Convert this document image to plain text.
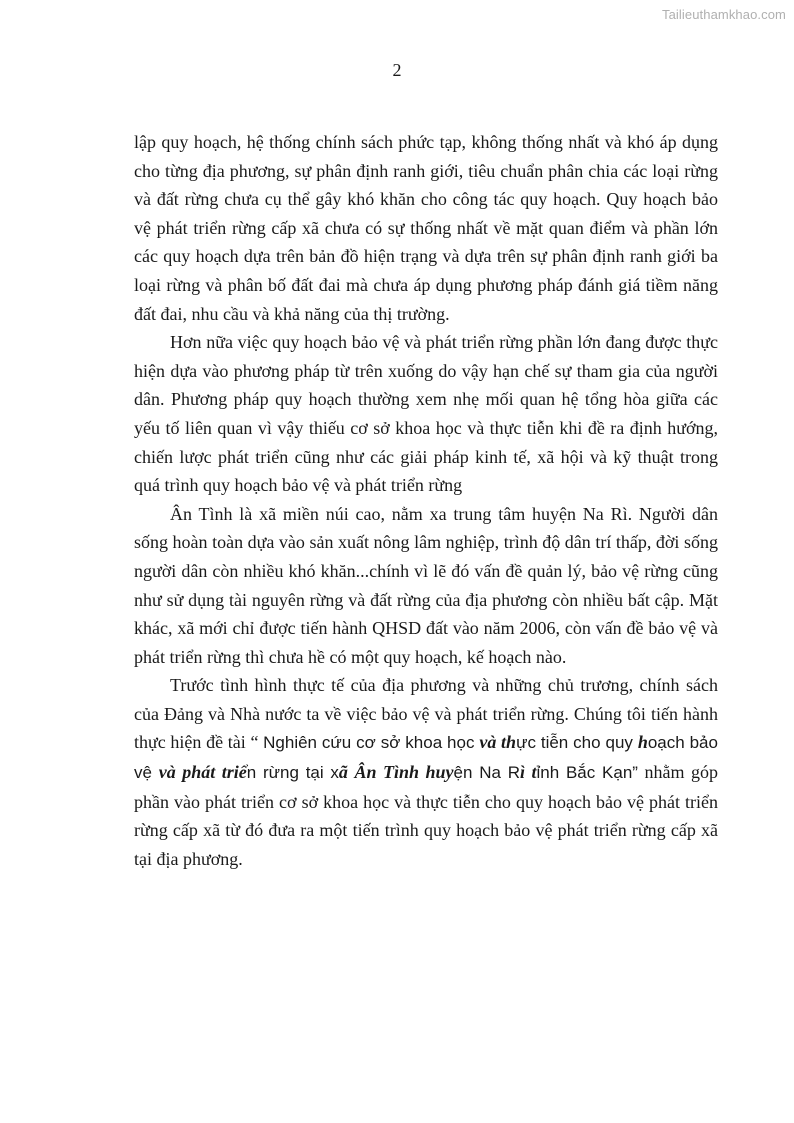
Tailieuthamkhao.com
2

lập quy hoạch, hệ thống chính sách phức tạp, không thống nhất và khó áp dụng cho từng địa phương, sự phân định ranh giới, tiêu chuẩn phân chia các loại rừng và đất rừng chưa cụ thể gây khó khăn cho công tác quy hoạch. Quy hoạch bảo vệ phát triển rừng cấp xã chưa có sự thống nhất về mặt quan điểm và phần lớn các quy hoạch dựa trên bản đồ hiện trạng và dựa trên sự phân định ranh giới ba loại rừng và phân bố đất đai mà chưa áp dụng phương pháp đánh giá tiềm năng đất đai, nhu cầu và khả năng của thị trường.

Hơn nữa việc quy hoạch bảo vệ và phát triển rừng phần lớn đang được thực hiện dựa vào phương pháp từ trên xuống do vậy hạn chế sự tham gia của người dân. Phương pháp quy hoạch thường xem nhẹ mối quan hệ tổng hòa giữa các yếu tố liên quan vì vậy thiếu cơ sở khoa học và thực tiễn khi đề ra định hướng, chiến lược phát triển cũng như các giải pháp kinh tế, xã hội và kỹ thuật trong quá trình quy hoạch bảo vệ và phát triển rừng

Ân Tình là xã miền núi cao, nằm xa trung tâm huyện Na Rì. Người dân sống hoàn toàn dựa vào sản xuất nông lâm nghiệp, trình độ dân trí thấp, đời sống người dân còn nhiều khó khăn...chính vì lẽ đó vấn đề quản lý, bảo vệ rừng cũng như sử dụng tài nguyên rừng và đất rừng của địa phương còn nhiều bất cập. Mặt khác, xã mới chỉ được tiến hành QHSD đất vào năm 2006, còn vấn đề bảo vệ và phát triển rừng thì chưa hề có một quy hoạch, kế hoạch nào.

Trước tình hình thực tế của địa phương và những chủ trương, chính sách của Đảng và Nhà nước ta về việc bảo vệ và phát triển rừng. Chúng tôi tiến hành thực hiện đề tài “ Nghiên cứu cơ sở khoa học và thực tiễn cho quy hoạch bảo vệ và phát triển rừng tại xã Ân Tình huyện Na Rì tỉnh Bắc Kạn” nhằm góp phần vào phát triển cơ sở khoa học và thực tiễn cho quy hoạch bảo vệ phát triển rừng cấp xã từ đó đưa ra một tiến trình quy hoạch bảo vệ phát triển rừng cấp xã tại địa phương.
